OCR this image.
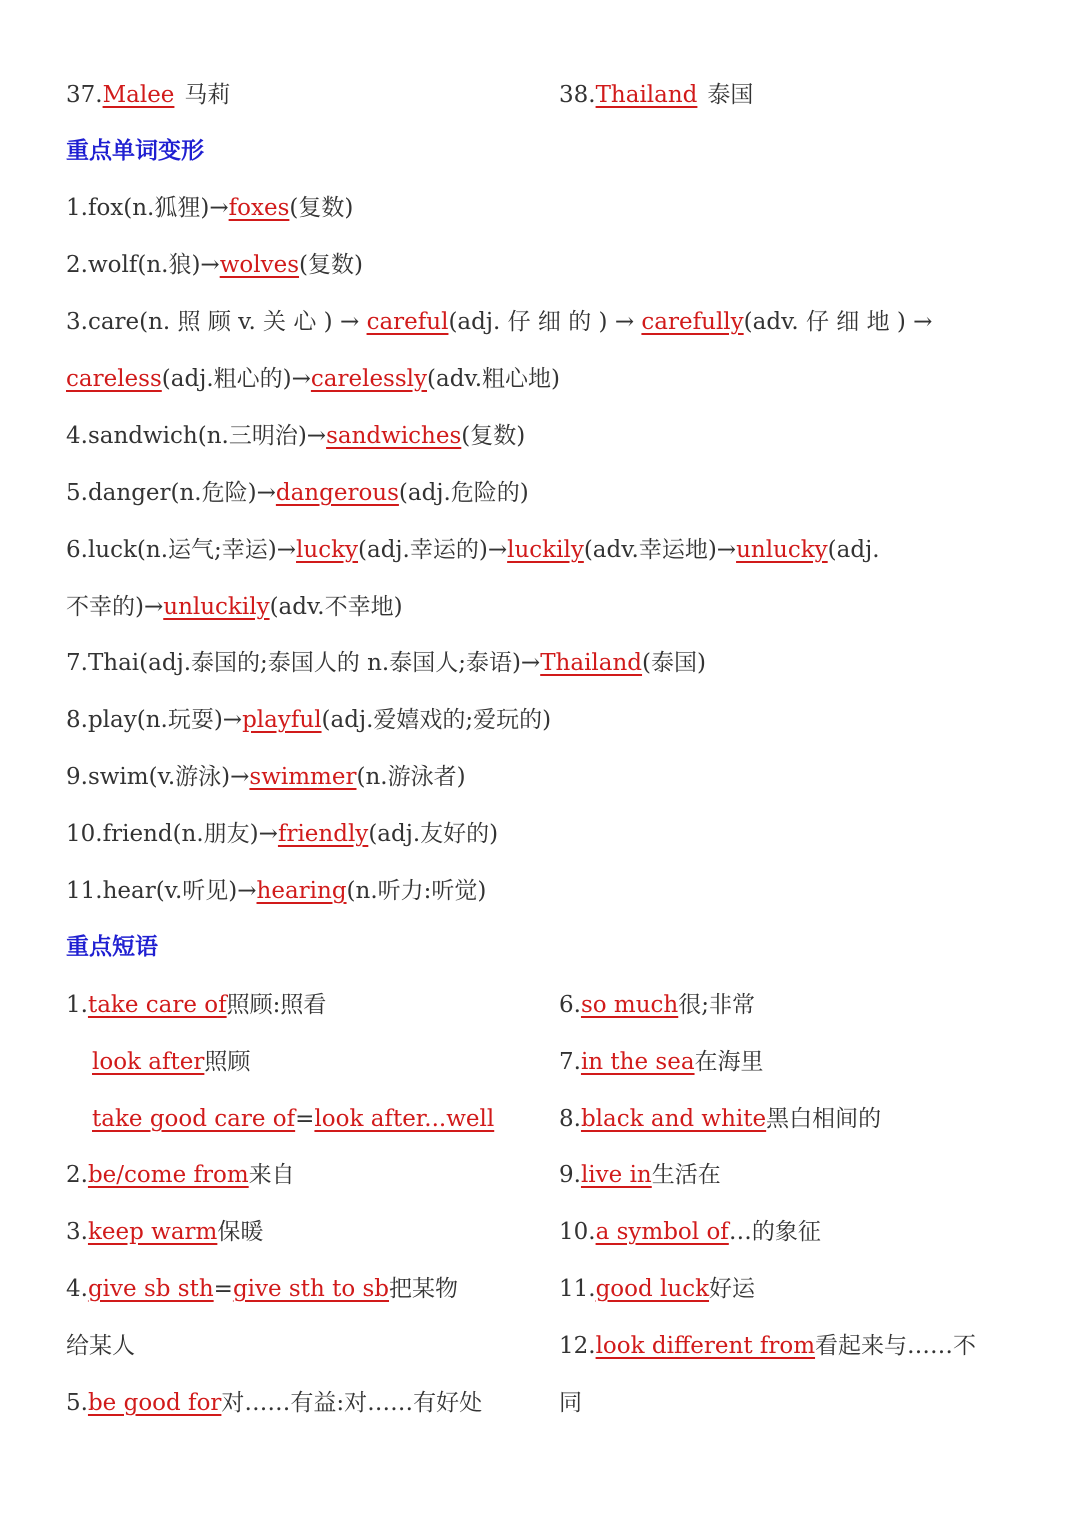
37.Malee 马莉	38.Thailand 泰国
重点单词变形
1.fox(n.狐狸)→foxes(复数)
2.wolf(n.狼)→wolves(复数)
3.care(n. 照 顾 v. 关 心 ) → careful(adj. 仔 细 的 ) → carefully(adv. 仔 细 地 ) →
careless(adj.粗心的)→carelessly(adv.粗心地)
4.sandwich(n.三明治)→sandwiches(复数)
5.danger(n.危险)→dangerous(adj.危险的)
6.luck(n.运气;幸运)→lucky(adj.幸运的)→luckily(adv.幸运地)→unlucky(adj.
不幸的)→unluckily(adv.不幸地)
7.Thai(adj.泰国的;泰国人的 n.泰国人;泰语)→Thailand(泰国)
8.play(n.玩耍)→playful(adj.爱嬉戏的;爱玩的)
9.swim(v.游泳)→swimmer(n.游泳者)
10.friend(n.朋友)→friendly(adj.友好的)
11.hear(v.听见)→hearing(n.听力:听觉)
重点短语
1.take care of照顾:照看
look after照顾
take good care of=look after...well
2.be/come from来自
3.keep warm保暖
4.give sb sth=give sth to sb把某物
给某人
5.be good for对……有益:对……有好处
6.so much很;非常
7.in the sea在海里
8.black and white黑白相间的
9.live in生活在
10.a symbol of…的象征
11.good luck好运
12.look different from看起来与……不
同
